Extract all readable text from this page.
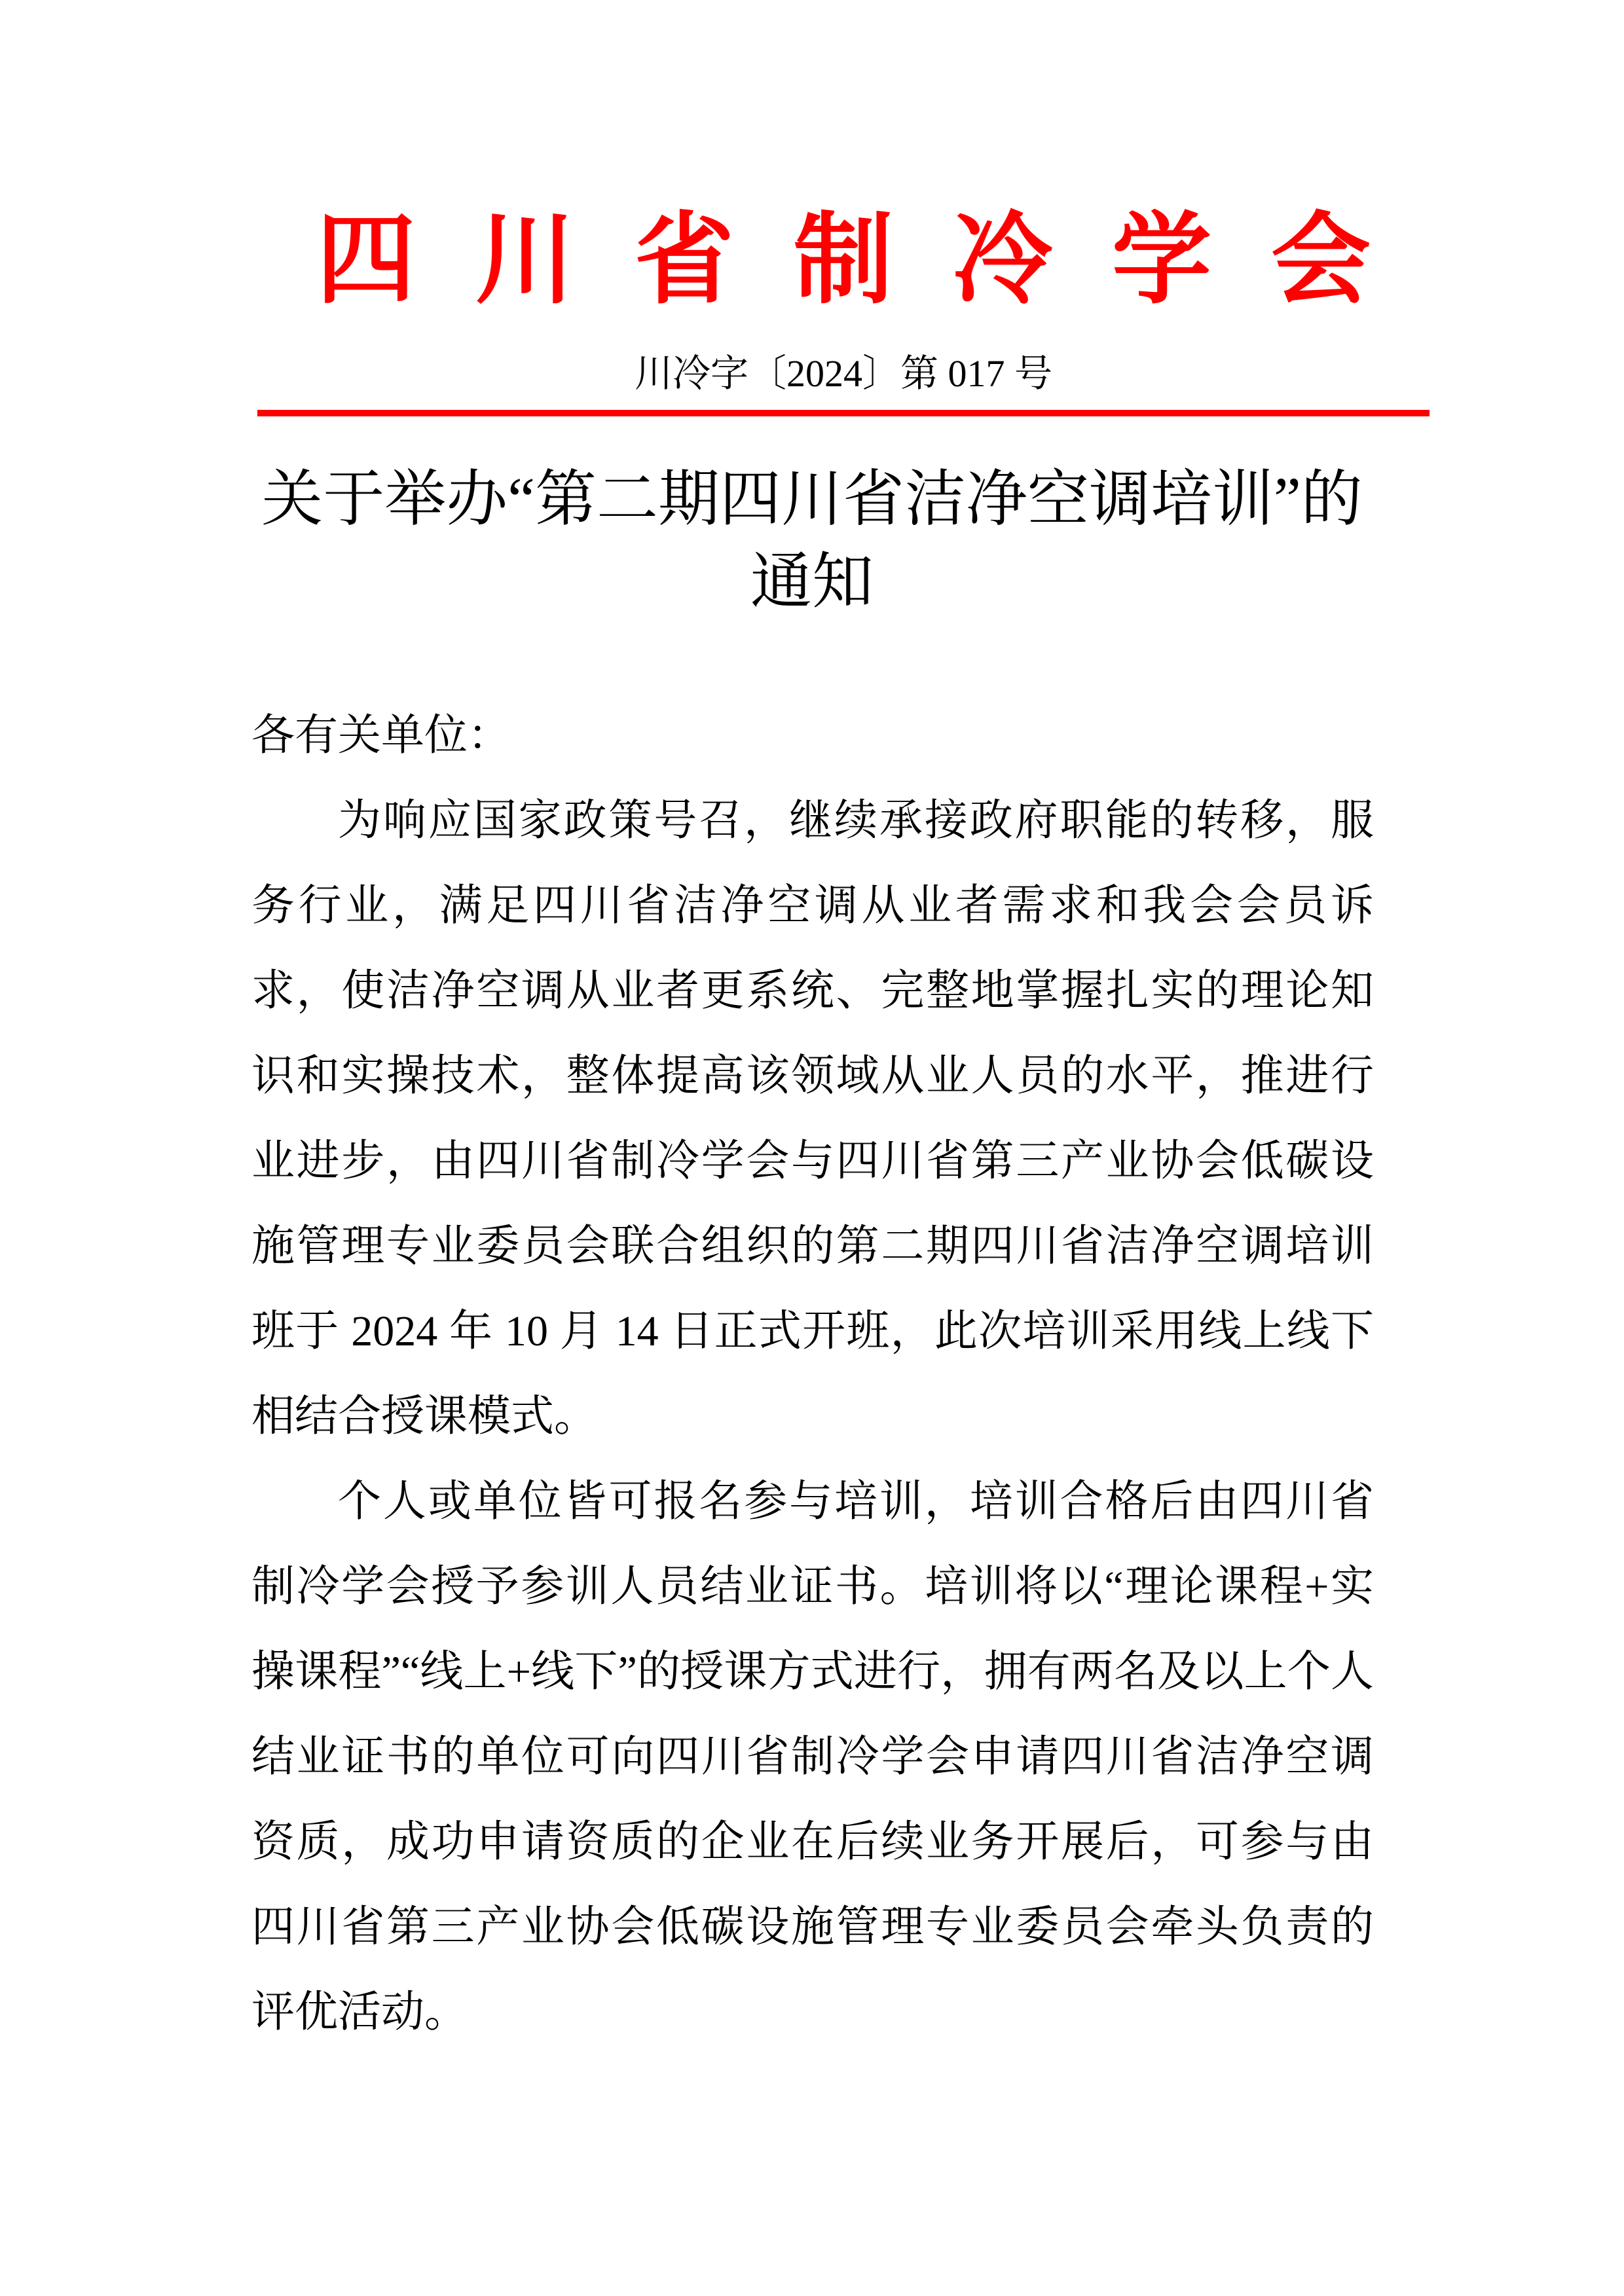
四川省制冷学会
川冷字〔2024〕第 017 号
关于举办“第二期四川省洁净空调培训”的
通知

各有关单位：

为响应国家政策号召，继续承接政府职能的转移，服务行业，满足四川省洁净空调从业者需求和我会会员诉求，使洁净空调从业者更系统、完整地掌握扎实的理论知识和实操技术，整体提高该领域从业人员的水平，推进行业进步，由四川省制冷学会与四川省第三产业协会低碳设施管理专业委员会联合组织的第二期四川省洁净空调培训班于 2024 年 10 月 14 日正式开班，此次培训采用线上线下相结合授课模式。

个人或单位皆可报名参与培训，培训合格后由四川省制冷学会授予参训人员结业证书。培训将以“理论课程+实操课程”“线上+线下”的授课方式进行，拥有两名及以上个人结业证书的单位可向四川省制冷学会申请四川省洁净空调资质，成功申请资质的企业在后续业务开展后，可参与由四川省第三产业协会低碳设施管理专业委员会牵头负责的评优活动。
